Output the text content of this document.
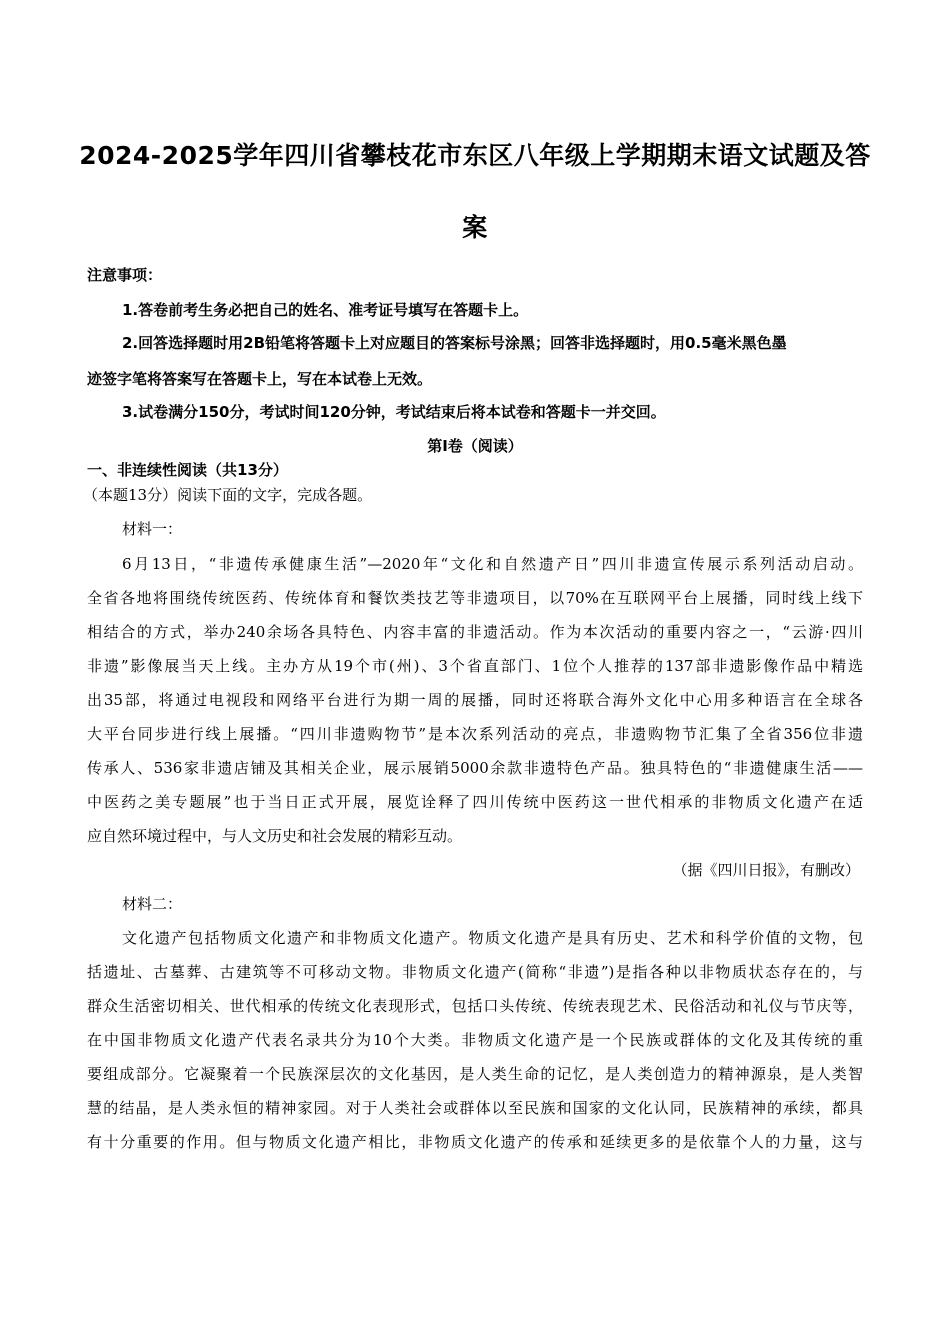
2024-2025学年四川省攀枝花市东区八年级上学期期末语文试题及答
案
注意事项：
1.答卷前考生务必把自己的姓名、准考证号填写在答题卡上。
2.回答选择题时用2B铅笔将答题卡上对应题目的答案标号涂黑；回答非选择题时，用0.5毫米黑色墨
迹签字笔将答案写在答题卡上，写在本试卷上无效。
3.试卷满分150分，考试时间120分钟，考试结束后将本试卷和答题卡一并交回。
第Ⅰ卷（阅读）
一、非连续性阅读（共13分）
（本题13分）阅读下面的文字，完成各题。
材料一：
6月13日，“非遗传承健康生活”—2020年“文化和自然遗产日”四川非遗宣传展示系列活动启动。
全省各地将围绕传统医药、传统体育和餐饮类技艺等非遗项目，以70%在互联网平台上展播，同时线上线下
相结合的方式，举办240余场各具特色、内容丰富的非遗活动。作为本次活动的重要内容之一，“云游·四川
非遗”影像展当天上线。主办方从19个市(州)、3个省直部门、1位个人推荐的137部非遗影像作品中精选
出35部，将通过电视段和网络平台进行为期一周的展播，同时还将联合海外文化中心用多种语言在全球各
大平台同步进行线上展播。“四川非遗购物节”是本次系列活动的亮点，非遗购物节汇集了全省356位非遗
传承人、536家非遗店铺及其相关企业，展示展销5000余款非遗特色产品。独具特色的“非遗健康生活——
中医药之美专题展”也于当日正式开展，展览诠释了四川传统中医药这一世代相承的非物质文化遗产在适
应自然环境过程中，与人文历史和社会发展的精彩互动。
（据《四川日报》，有删改）
材料二：
文化遗产包括物质文化遗产和非物质文化遗产。物质文化遗产是具有历史、艺术和科学价值的文物，包
括遗址、古墓葬、古建筑等不可移动文物。非物质文化遗产(简称“非遗”)是指各种以非物质状态存在的，与
群众生活密切相关、世代相承的传统文化表现形式，包括口头传统、传统表现艺术、民俗活动和礼仪与节庆等，
在中国非物质文化遗产代表名录共分为10个大类。非物质文化遗产是一个民族或群体的文化及其传统的重
要组成部分。它凝聚着一个民族深层次的文化基因，是人类生命的记忆，是人类创造力的精神源泉，是人类智
慧的结晶，是人类永恒的精神家园。对于人类社会或群体以至民族和国家的文化认同，民族精神的承续，都具
有十分重要的作用。但与物质文化遗产相比，非物质文化遗产的传承和延续更多的是依靠个人的力量，这与
